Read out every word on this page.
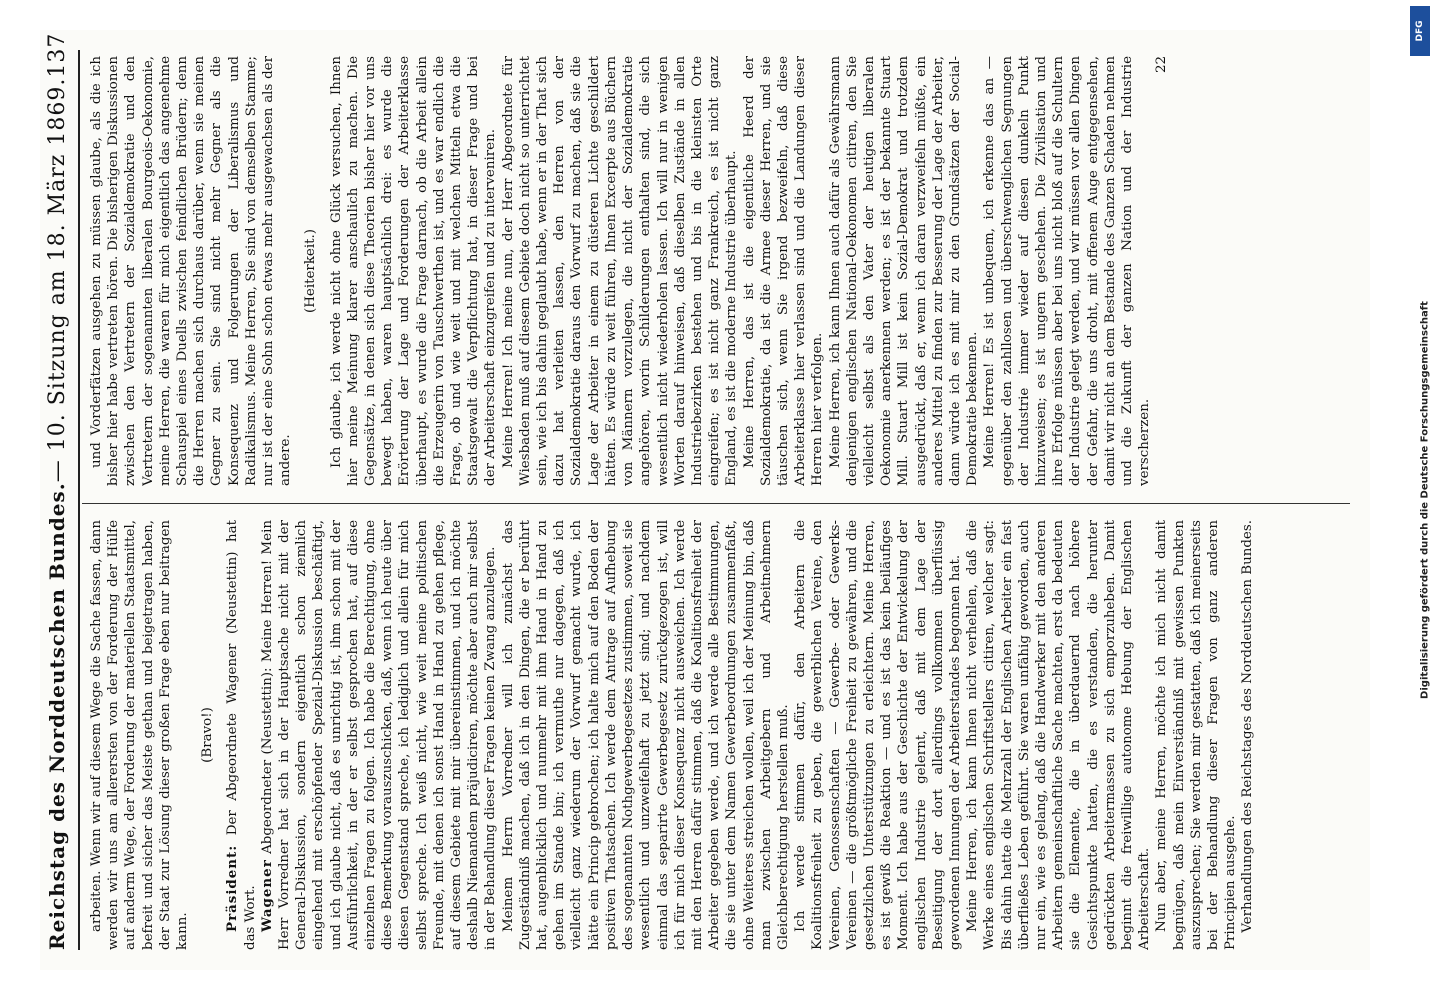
Reichstag des Norddeutschen Bundes.
— 10. Sitzung am 18. März 1869.
137

arbeiten. Wenn wir auf diesem Wege die Sache fassen, dann werden wir uns am allerersten von der Forderung der Hülfe auf anderm Wege, der Forderung der materiellen Staatsmittel, befreit und sicher das Meiste gethan und beigetragen haben, der Staat zur Lösung dieser großen Frage eben nur beitragen kann.

(Bravo!)

Präsident: Der Abgeordnete Wagener (Neustettin) hat das Wort. Wagener Abgeordneter (Neustettin): Meine Herren! Mein Herr Vorredner hat sich in der Hauptsache nicht mit der General-Diskussion, sondern eigentlich schon ziemlich eingehend mit erschöpfender Spezial-Diskussion beschäftigt, und ich glaube nicht, daß es unrichtig ist, ihm schon mit der Ausführlichkeit, in der er selbst gesprochen hat, auf diese einzelnen Fragen zu folgen. Ich habe die Berechtigung, ohne diese Bemerkung vorauszuschicken, daß, wenn ich heute über diesen Gegenstand spreche, ich lediglich und allein für mich selbst spreche. Ich weiß nicht, wie weit meine politischen Freunde, mit denen ich sonst Hand in Hand zu gehen pflege, auf diesem Gebiete mit mir übereinstimmen, und ich möchte deshalb Niemandem präjudiciren, möchte aber auch mir selbst in der Behandlung dieser Fragen keinen Zwang anzulegen. Meinem Herrn Vorredner will ich zunächst das Zugeständniß machen, daß ich in den Dingen, die er berührt hat, augenblicklich und nunmehr mit ihm Hand in Hand zu gehen im Stande bin; ich vermuthe nur dagegen, daß ich vielleicht ganz wiederum der Vorwurf gemacht wurde, ich hätte ein Princip gebrochen; ich halte mich auf den Boden der positiven Thatsachen. Ich werde dem Antrage auf Aufhebung des sogenannten Nothgewerbegesetzes zustimmen, soweit sie wesentlich und unzweifelhaft zu jetzt sind; und nachdem einmal das separirte Gewerbegesetz zurückgezogen ist, will ich für mich dieser Konsequenz nicht ausweichen. Ich werde mit den Herren dafür stimmen, daß die Koalitionsfreiheit der Arbeiter gegeben werde, und ich werde alle Bestimmungen, die sie unter dem Namen Gewerbeordnungen zusammenfaßt, ohne Weiteres streichen wollen, weil ich der Meinung bin, daß man zwischen Arbeitgebern und Arbeitnehmern Gleichberechtigung herstellen muß. Ich werde stimmen dafür, den Arbeitern die Koalitionsfreiheit zu geben, die gewerblichen Vereine, den Vereinen, Genossenschaften — Gewerbe- oder Gewerks-Vereinen — die größtmögliche Freiheit zu gewähren, und die gesetzlichen Unterstützungen zu erleichtern. Meine Herren, es ist gewiß die Reaktion — und es ist das kein beiläufiges Moment. Ich habe aus der Geschichte der Entwickelung der englischen Industrie gelernt, daß mit dem Lage der Beseitigung der dort allerdings vollkommen überflüssig gewordenen Innungen der Arbeiterstandes begonnen hat. Meine Herren, ich kann Ihnen nicht verhehlen, daß die Werke eines englischen Schriftstellers citiren, welcher sagt: Bis dahin hatte die Mehrzahl der Englischen Arbeiter ein fast überfließes Leben geführt. Sie waren unfähig geworden, auch nur ein, wie es gelang, daß die Handwerker mit den anderen Arbeitern gemeinschaftliche Sache machten, erst da bedeuten sie die Elemente, die in überdauernd nach höhere Gesichtspunkte hatten, die es verstanden, die herunter gedrückten Arbeitermassen zu sich emporzuheben. Damit beginnt die freiwillige autonome Hebung der Englischen Arbeiterschaft. Nun aber, meine Herren, möchte ich mich nicht damit begnügen, daß mein Einverständniß mit gewissen Punkten auszusprechen; Sie werden mir gestatten, daß ich meinerseits bei der Behandlung dieser Fragen von ganz anderen Principien ausgehe. Verhandlungen des Reichstages des Norddeutschen Bundes.

und Vorderfätzen ausgehen zu müssen glaube, als die ich bisher hier habe vertreten hören. Die bisherigen Diskussionen zwischen den Vertretern der Sozialdemokratie und den Vertretern der sogenannten liberalen Bourgeois-Oekonomie, meine Herren, die waren für mich eigentlich das angenehme Schauspiel eines Duells zwischen feindlichen Brüdern; denn die Herren machen sich durchaus darüber, wenn sie meinen Gegner zu sein. Sie sind nicht mehr Gegner als die Konsequenz und Folgerungen der Liberalismus und Radikalismus. Meine Herren, Sie sind von demselben Stamme; nur ist der eine Sohn schon etwas mehr ausgewachsen als der andere.

(Heiterkeit.) Ich glaube, ich werde nicht ohne Glück versuchen, Ihnen hier meine Meinung klarer anschaulich zu machen. Die Gegensätze, in denen sich diese Theorien bisher hier vor uns bewegt haben, waren hauptsächlich drei: es wurde die Erörterung der Lage und Forderungen der Arbeiterklasse überhaupt, es wurde die Frage darnach, ob die Arbeit allein die Erzeugerin von Tauschwerthen ist, und es war endlich die Frage, ob und wie weit und mit welchen Mitteln etwa die Staatsgewalt die Verpflichtung hat, in dieser Frage und bei der Arbeiterschaft einzugreifen und zu interveniren. Meine Herren! Ich meine nun, der Herr Abgeordnete für Wiesbaden muß auf diesem Gebiete doch nicht so unterrichtet sein, wie ich bis dahin geglaubt habe, wenn er in der That sich dazu hat verleiten lassen, den Herren von der Sozialdemokratie daraus den Vorwurf zu machen, daß sie die Lage der Arbeiter in einem zu düsteren Lichte geschildert hätten. Es würde zu weit führen, Ihnen Excerpte aus Büchern von Männern vorzulegen, die nicht der Sozialdemokratie angehören, worin Schilderungen enthalten sind, die sich wesentlich nicht wiederholen lassen. Ich will nur in wenigen Worten darauf hinweisen, daß dieselben Zustände in allen Industriebezirken bestehen und bis in die kleinsten Orte eingreifen; es ist nicht ganz Frankreich, es ist nicht ganz England, es ist die moderne Industrie überhaupt. Meine Herren, das ist die eigentliche Heerd der Sozialdemokratie, da ist die Armee dieser Herren, und sie täuschen sich, wenn Sie irgend bezweifeln, daß diese Arbeiterklasse hier verlassen sind und die Landungen dieser Herren hier verfolgen. Meine Herren, ich kann Ihnen auch dafür als Gewährsmann denjenigen englischen National-Oekonomen citiren, den Sie vielleicht selbst als den Vater der heutigen liberalen Oekonomie anerkennen werden; es ist der bekannte Stuart Mill. Stuart Mill ist kein Sozial-Demokrat und trotzdem ausgedrückt, daß er, wenn ich daran verzweifeln müßte, ein anderes Mittel zu finden zur Besserung der Lage der Arbeiter, dann würde ich es mit mir zu den Grundsätzen der Social-Demokratie bekennen. Meine Herren! Es ist unbequem, ich erkenne das an — gegenüber den zahllosen und überschwenglichen Segnungen der Industrie immer wieder auf diesen dunkeln Punkt hinzuweisen; es ist ungern geschehen. Die Zivilisation und ihre Erfolge müssen aber bei uns nicht bloß auf die Schultern der Industrie gelegt werden, und wir müssen vor allen Dingen der Gefahr, die uns droht, mit offenem Auge entgegensehen, damit wir nicht an dem Bestande des Ganzen Schaden nehmen und die Zukunft der ganzen Nation und der Industrie verscherzen.

22

DFG
Digitalisierung gefördert durch die Deutsche Forschungsgemeinschaft
